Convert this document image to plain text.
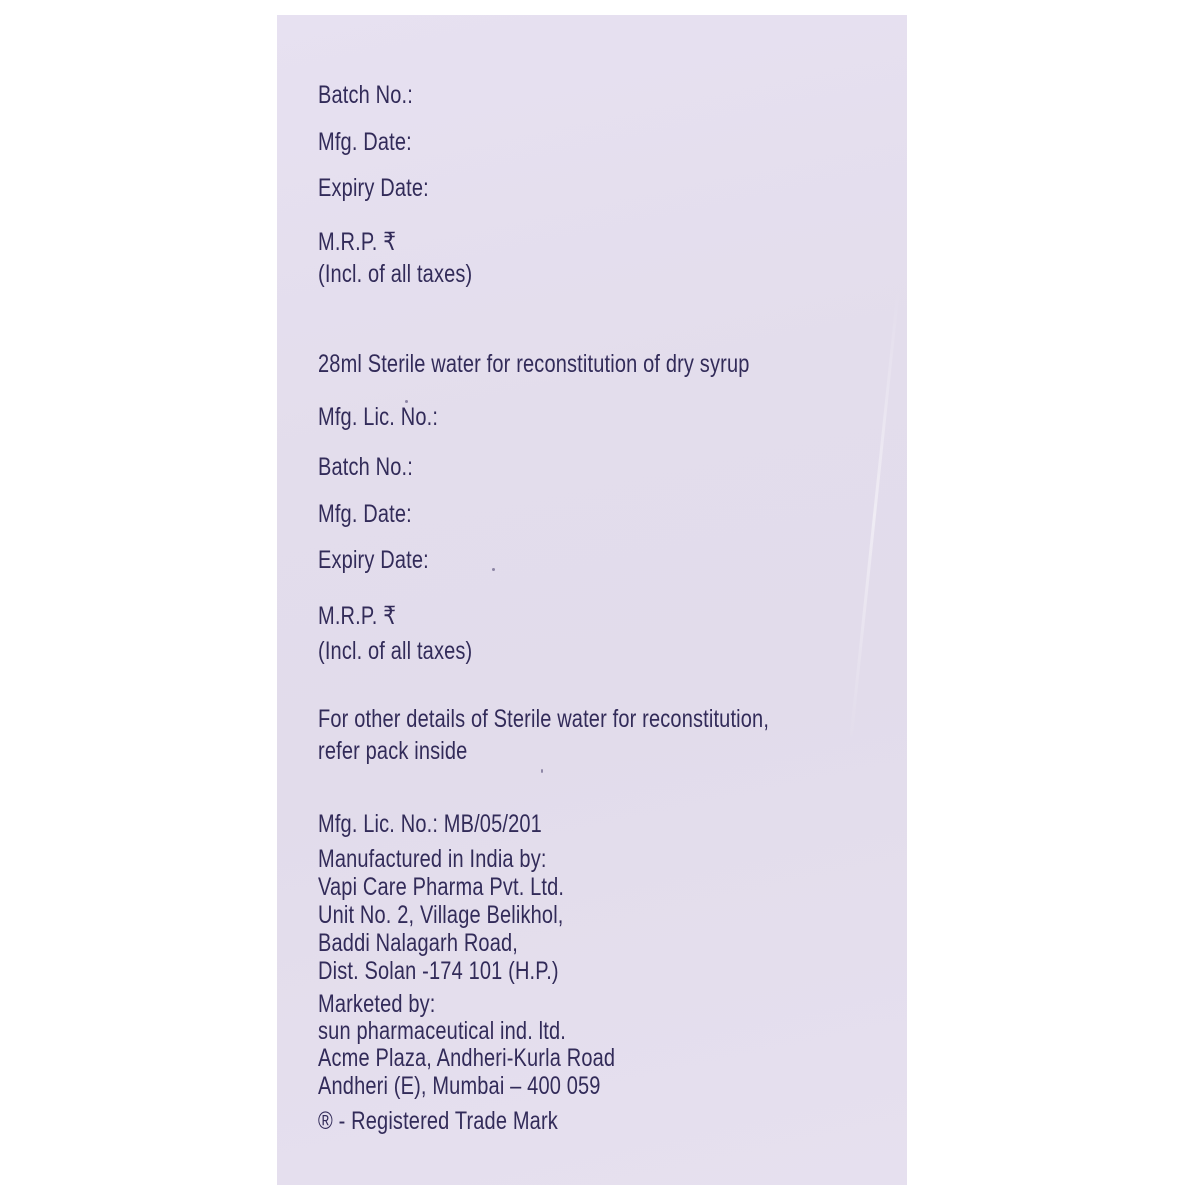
Batch No.:
Mfg. Date:
Expiry Date:
M.R.P. ₹
(Incl. of all taxes)
28ml Sterile water for reconstitution of dry syrup
Mfg. Lic. No.:
Batch No.:
Mfg. Date:
Expiry Date:
M.R.P. ₹
(Incl. of all taxes)
For other details of Sterile water for reconstitution,
refer pack inside
Mfg. Lic. No.: MB/05/201
Manufactured in India by:
Vapi Care Pharma Pvt. Ltd.
Unit No. 2, Village Belikhol,
Baddi Nalagarh Road,
Dist. Solan -174 101 (H.P.)
Marketed by:
sun pharmaceutical ind. ltd.
Acme Plaza, Andheri-Kurla Road
Andheri (E), Mumbai – 400 059
® - Registered Trade Mark
